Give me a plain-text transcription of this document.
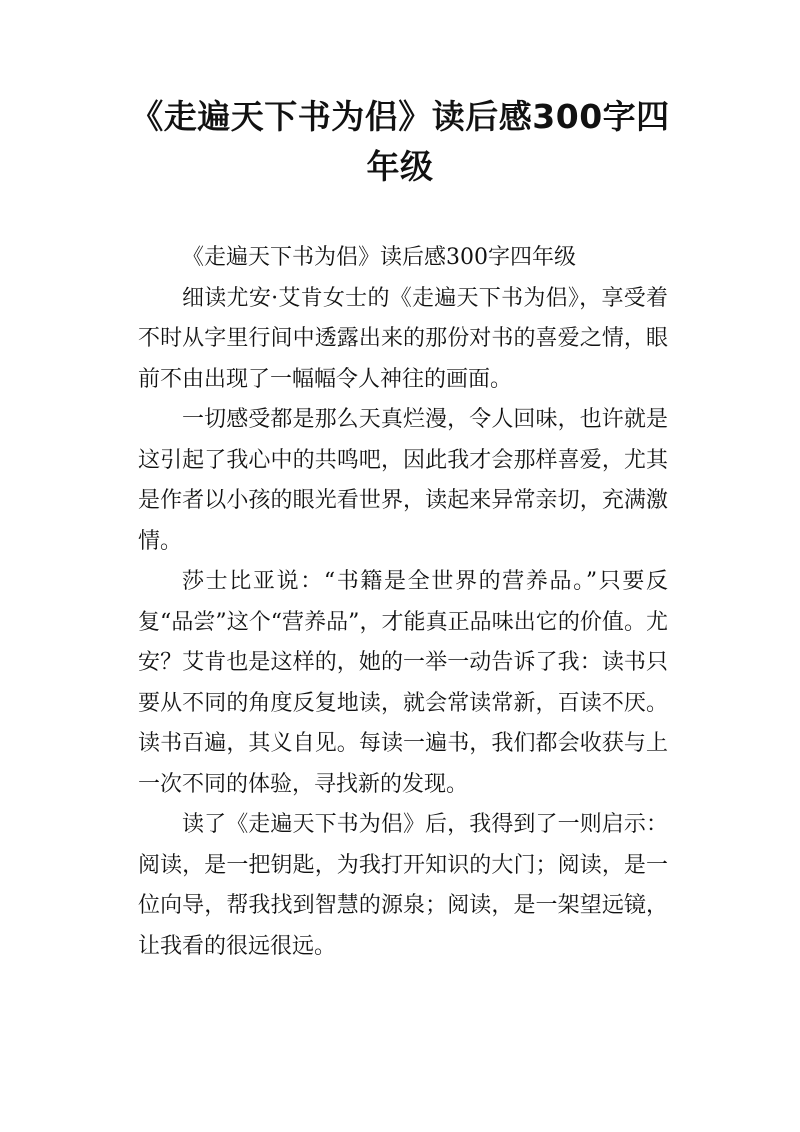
《走遍天下书为侣》读后感300字四年级

《走遍天下书为侣》读后感300字四年级

细读尤安·艾肯女士的《走遍天下书为侣》，享受着不时从字里行间中透露出来的那份对书的喜爱之情，眼前不由出现了一幅幅令人神往的画面。

一切感受都是那么天真烂漫，令人回味，也许就是这引起了我心中的共鸣吧，因此我才会那样喜爱，尤其是作者以小孩的眼光看世界，读起来异常亲切，充满激情。

莎士比亚说：“书籍是全世界的营养品。”只要反复“品尝”这个“营养品”，才能真正品味出它的价值。尤安？艾肯也是这样的，她的一举一动告诉了我：读书只要从不同的角度反复地读，就会常读常新，百读不厌。读书百遍，其义自见。每读一遍书，我们都会收获与上一次不同的体验，寻找新的发现。

读了《走遍天下书为侣》后，我得到了一则启示：阅读，是一把钥匙，为我打开知识的大门；阅读，是一位向导，帮我找到智慧的源泉；阅读，是一架望远镜，让我看的很远很远。
